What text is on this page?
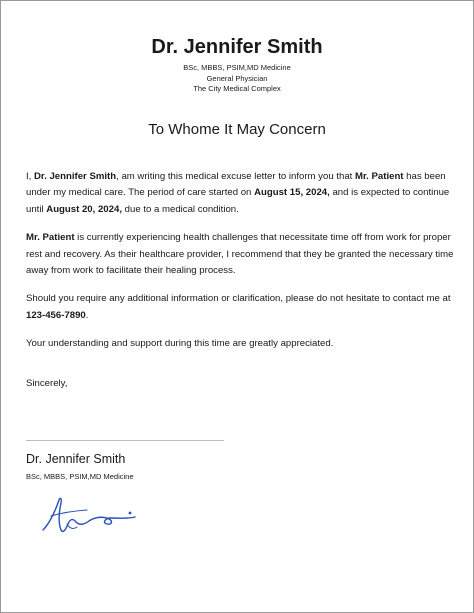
Dr. Jennifer Smith
BSc, MBBS, PSIM,MD Medicine
General Physician
The City Medical Complex
To Whome It May Concern

I, Dr. Jennifer Smith, am writing this medical excuse letter to inform you that Mr. Patient has been under my medical care. The period of care started on August 15, 2024, and is expected to continue until August 20, 2024, due to a medical condition.

Mr. Patient is currently experiencing health challenges that necessitate time off from work for proper rest and recovery. As their healthcare provider, I recommend that they be granted the necessary time away from work to facilitate their healing process.

Should you require any additional information or clarification, please do not hesitate to contact me at 123-456-7890.

Your understanding and support during this time are greatly appreciated.

Sincerely,
Dr. Jennifer Smith
BSc, MBBS, PSIM,MD Medicine
